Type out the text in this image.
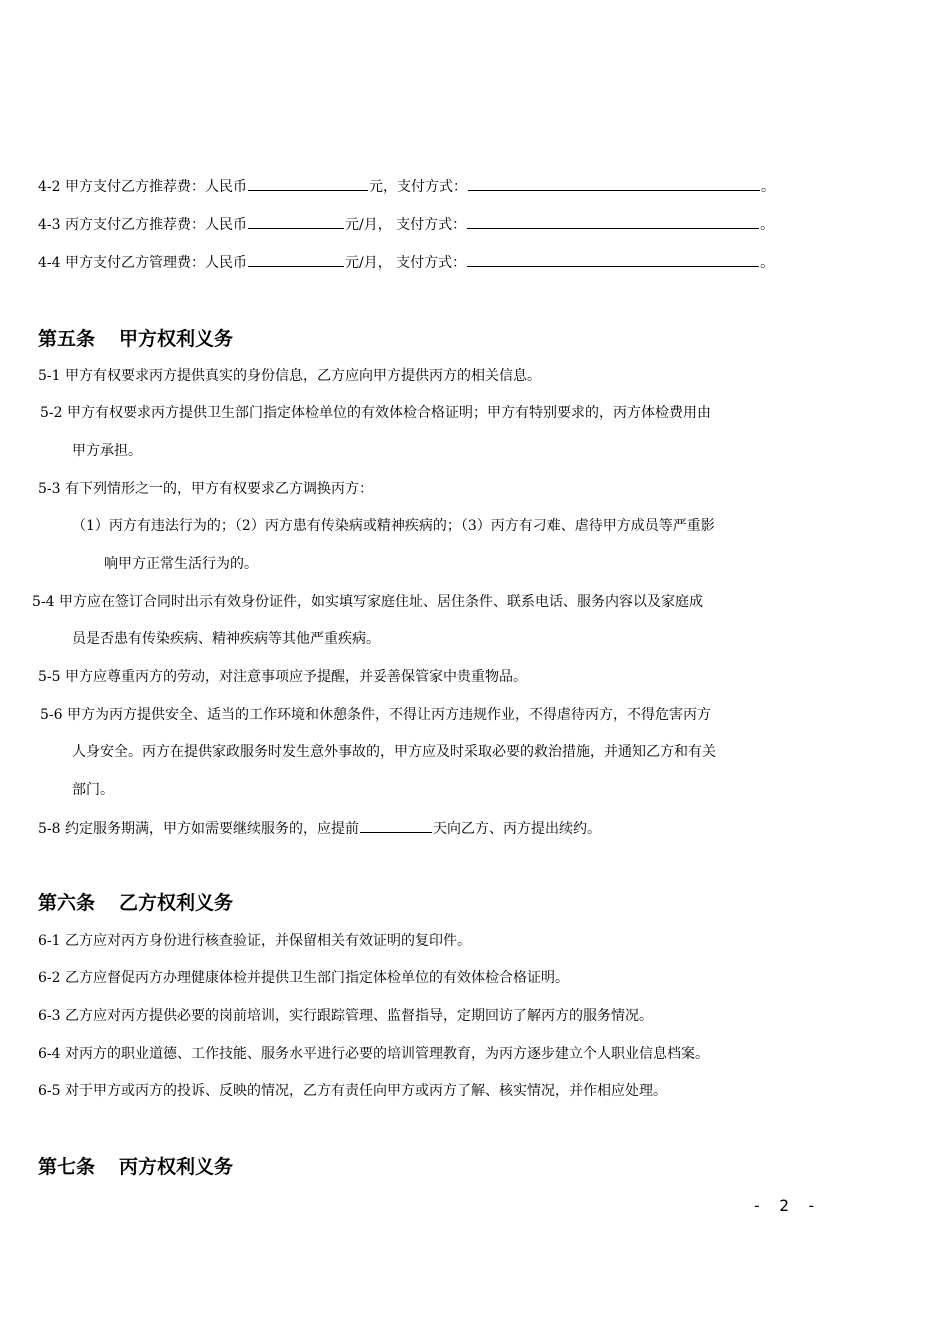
4-2 甲方支付乙方推荐费：人民币	元，支付方式：	。
4-3 丙方支付乙方推荐费：人民币	元/月， 支付方式：	。
4-4 甲方支付乙方管理费：人民币	元/月， 支付方式：	。
第五条 甲方权利义务
5-1 甲方有权要求丙方提供真实的身份信息，乙方应向甲方提供丙方的相关信息。
5-2 甲方有权要求丙方提供卫生部门指定体检单位的有效体检合格证明；甲方有特别要求的，丙方体检费用由
甲方承担。
5-3 有下列情形之一的，甲方有权要求乙方调换丙方：
（1）丙方有违法行为的；（2）丙方患有传染病或精神疾病的；（3）丙方有刁难、虐待甲方成员等严重影
响甲方正常生活行为的。
5-4 甲方应在签订合同时出示有效身份证件，如实填写家庭住址、居住条件、联系电话、服务内容以及家庭成
员是否患有传染疾病、精神疾病等其他严重疾病。
5-5 甲方应尊重丙方的劳动，对注意事项应予提醒，并妥善保管家中贵重物品。
5-6 甲方为丙方提供安全、适当的工作环境和休憩条件，不得让丙方违规作业，不得虐待丙方，不得危害丙方
人身安全。丙方在提供家政服务时发生意外事故的，甲方应及时采取必要的救治措施，并通知乙方和有关
部门。
5-8 约定服务期满，甲方如需要继续服务的，应提前	天向乙方、丙方提出续约。
第六条 乙方权利义务
6-1 乙方应对丙方身份进行核查验证，并保留相关有效证明的复印件。
6-2 乙方应督促丙方办理健康体检并提供卫生部门指定体检单位的有效体检合格证明。
6-3 乙方应对丙方提供必要的岗前培训，实行跟踪管理、监督指导，定期回访了解丙方的服务情况。
6-4 对丙方的职业道德、工作技能、服务水平进行必要的培训管理教育，为丙方逐步建立个人职业信息档案。
6-5 对于甲方或丙方的投诉、反映的情况，乙方有责任向甲方或丙方了解、核实情况，并作相应处理。
第七条 丙方权利义务
- 2 -
